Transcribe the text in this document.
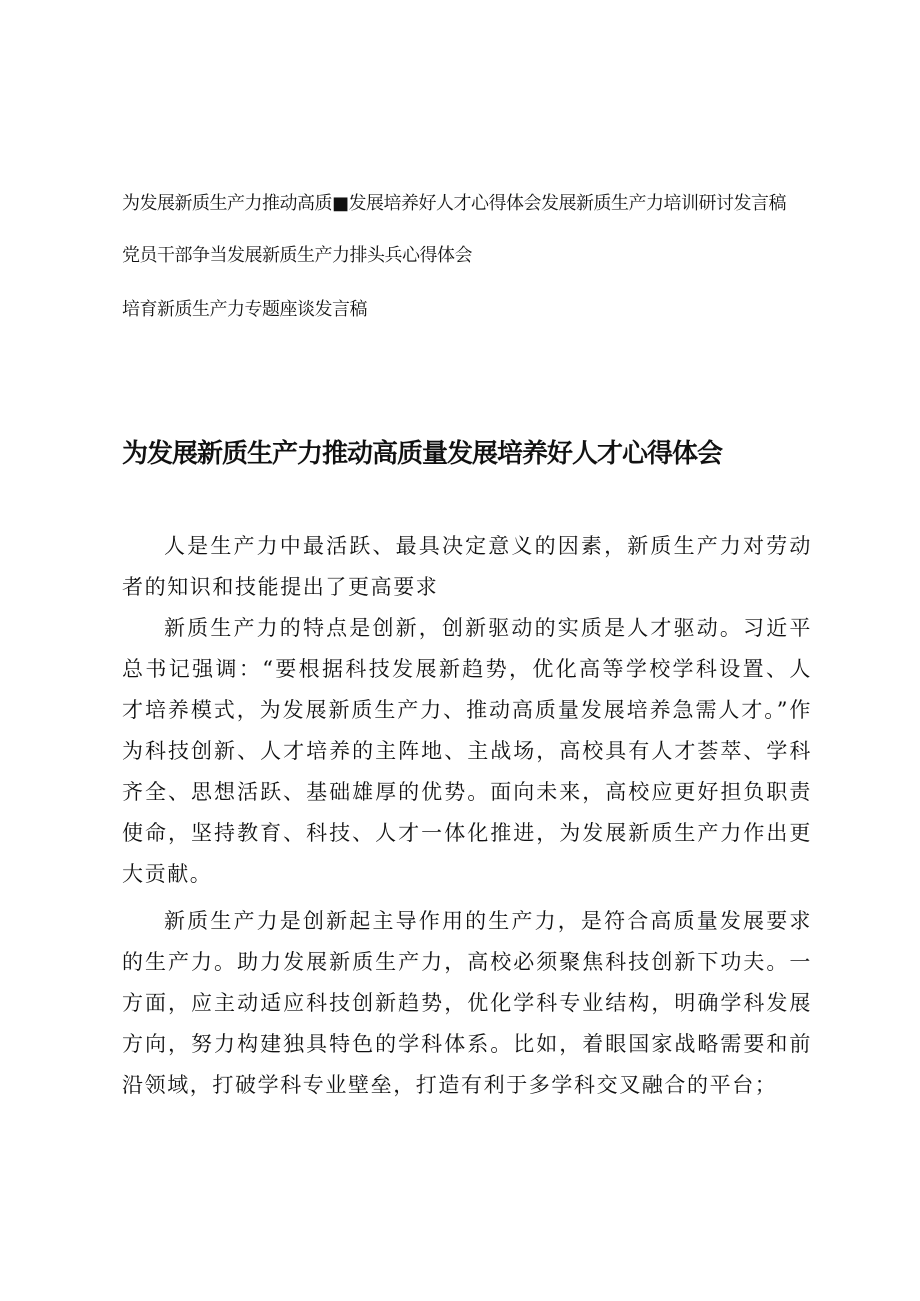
为发展新质生产力推动高质■发展培养好人才心得体会发展新质生产力培训研讨发言稿

党员干部争当发展新质生产力排头兵心得体会

培育新质生产力专题座谈发言稿

为发展新质生产力推动高质量发展培养好人才心得体会

人是生产力中最活跃、最具决定意义的因素，新质生产力对劳动者的知识和技能提出了更高要求

新质生产力的特点是创新，创新驱动的实质是人才驱动。习近平总书记强调：“要根据科技发展新趋势，优化高等学校学科设置、人才培养模式，为发展新质生产力、推动高质量发展培养急需人才。”作为科技创新、人才培养的主阵地、主战场，高校具有人才荟萃、学科齐全、思想活跃、基础雄厚的优势。面向未来，高校应更好担负职责使命，坚持教育、科技、人才一体化推进，为发展新质生产力作出更大贡献。

新质生产力是创新起主导作用的生产力，是符合高质量发展要求的生产力。助力发展新质生产力，高校必须聚焦科技创新下功夫。一方面，应主动适应科技创新趋势，优化学科专业结构，明确学科发展方向，努力构建独具特色的学科体系。比如，着眼国家战略需要和前沿领域，打破学科专业壁垒，打造有利于多学科交叉融合的平台；
